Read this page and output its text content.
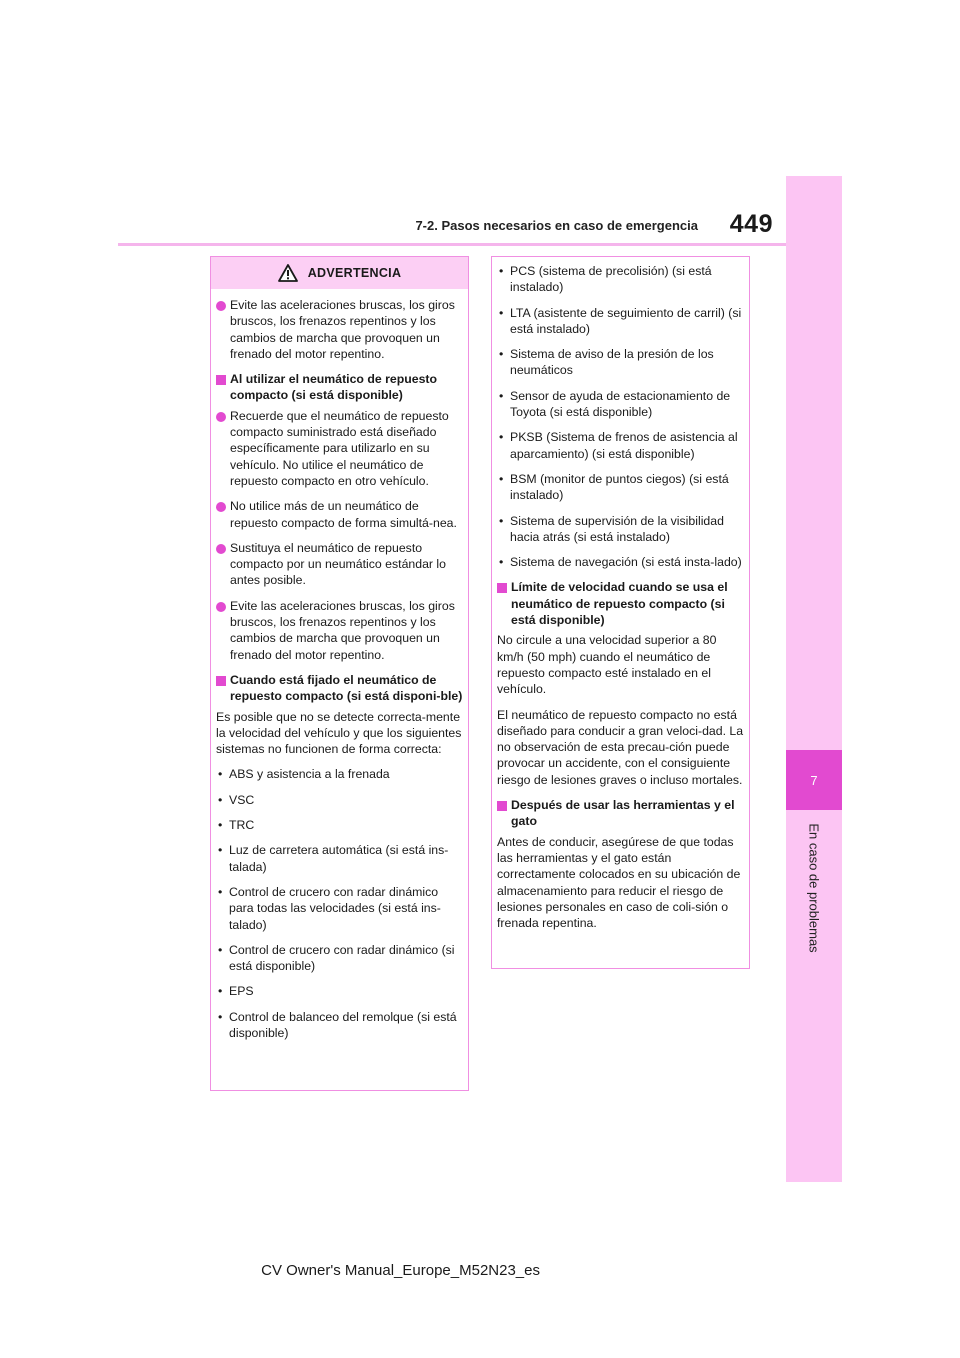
7-2. Pasos necesarios en caso de emergencia	449
7
En caso de problemas
ADVERTENCIA
Evite las aceleraciones bruscas, los giros bruscos, los frenazos repentinos y los cambios de marcha que provoquen un frenado del motor repentino.
Al utilizar el neumático de repuesto compacto (si está disponible)
Recuerde que el neumático de repuesto compacto suministrado está diseñado específicamente para utilizarlo en su vehículo. No utilice el neumático de repuesto compacto en otro vehículo.
No utilice más de un neumático de repuesto compacto de forma simultá-nea.
Sustituya el neumático de repuesto compacto por un neumático estándar lo antes posible.
Evite las aceleraciones bruscas, los giros bruscos, los frenazos repentinos y los cambios de marcha que provoquen un frenado del motor repentino.
Cuando está fijado el neumático de repuesto compacto (si está disponi-ble)

Es posible que no se detecte correcta-mente la velocidad del vehículo y que los siguientes sistemas no funcionen de forma correcta:

• ABS y asistencia a la frenada
• VSC
• TRC
• Luz de carretera automática (si está ins-talada)
• Control de crucero con radar dinámico para todas las velocidades (si está ins-talado)
• Control de crucero con radar dinámico (si está disponible)
• EPS
• Control de balanceo del remolque (si está disponible)
• PCS (sistema de precolisión) (si está instalado)
• LTA (asistente de seguimiento de carril) (si está instalado)
• Sistema de aviso de la presión de los neumáticos
• Sensor de ayuda de estacionamiento de Toyota (si está disponible)
• PKSB (Sistema de frenos de asistencia al aparcamiento) (si está disponible)
• BSM (monitor de puntos ciegos) (si está instalado)
• Sistema de supervisión de la visibilidad hacia atrás (si está instalado)
• Sistema de navegación (si está insta-lado)
Límite de velocidad cuando se usa el neumático de repuesto compacto (si está disponible)

No circule a una velocidad superior a 80 km/h (50 mph) cuando el neumático de repuesto compacto esté instalado en el vehículo.

El neumático de repuesto compacto no está diseñado para conducir a gran veloci-dad. La no observación de esta precau-ción puede provocar un accidente, con el consiguiente riesgo de lesiones graves o incluso mortales.

Después de usar las herramientas y el gato

Antes de conducir, asegúrese de que todas las herramientas y el gato están correctamente colocados en su ubicación de almacenamiento para reducir el riesgo de lesiones personales en caso de coli-sión o frenada repentina.

CV Owner's Manual_Europe_M52N23_es
